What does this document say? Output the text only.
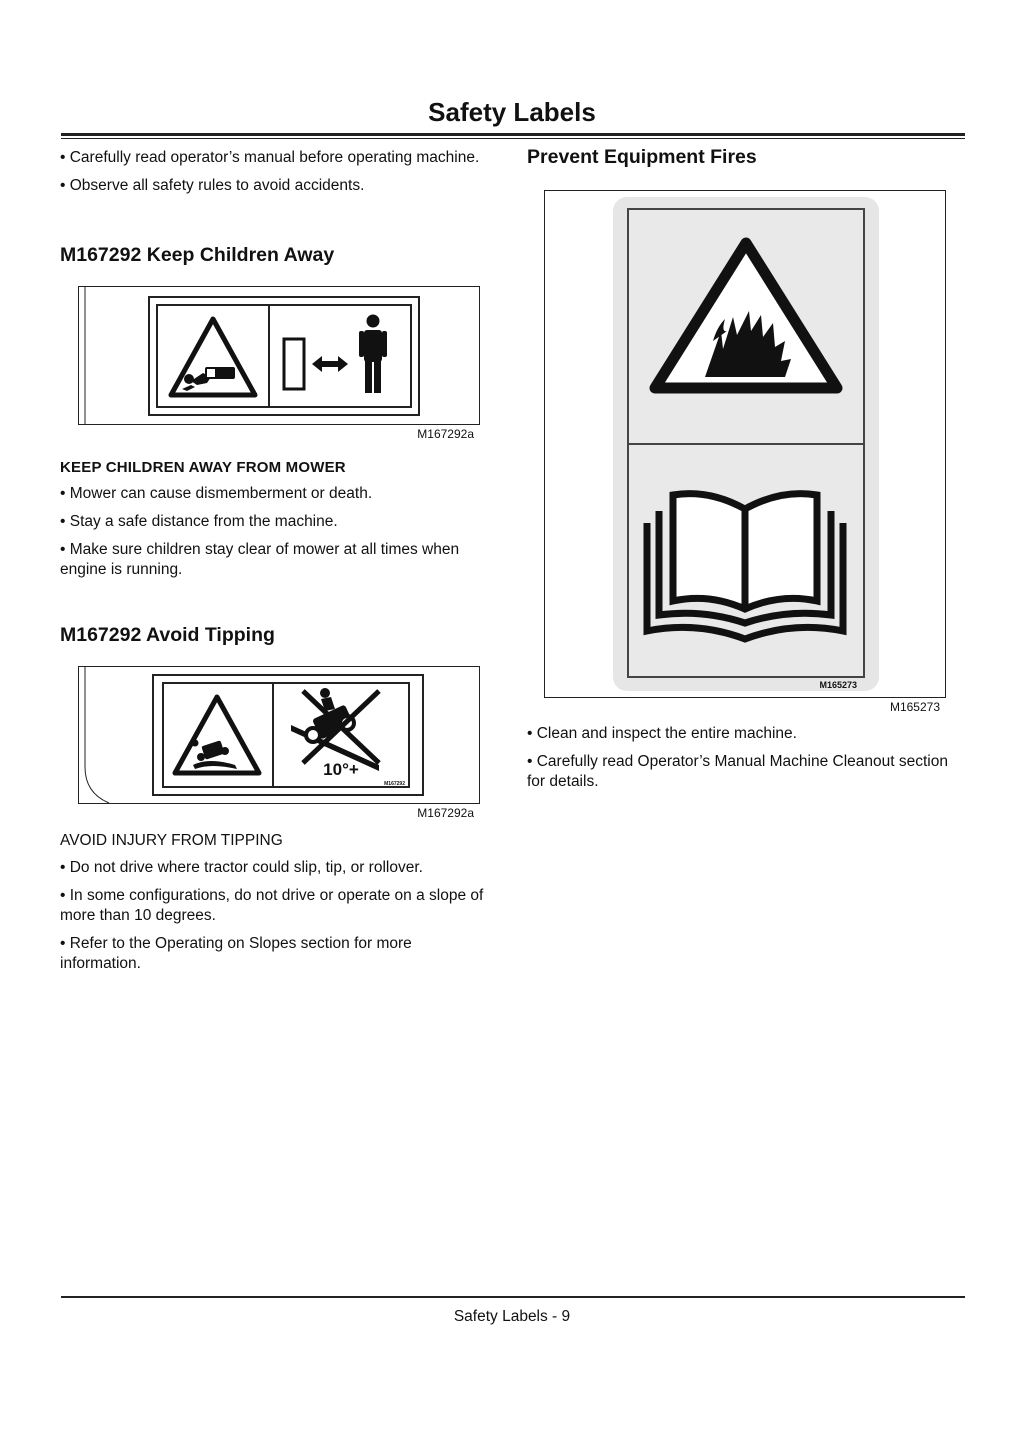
Safety Labels

• Carefully read operator’s manual before operating machine.

• Observe all safety rules to avoid accidents.

M167292 Keep Children Away
M167292a
KEEP CHILDREN AWAY FROM MOWER

• Mower can cause dismemberment or death.

• Stay a safe distance from the machine.

• Make sure children stay clear of mower at all times when engine is running.

M167292 Avoid Tipping
10°+
M167292
M167292a
AVOID INJURY FROM TIPPING

• Do not drive where tractor could slip, tip, or rollover.

• In some configurations, do not drive or operate on a slope of more than 10 degrees.

• Refer to the Operating on Slopes section for more information.

Prevent Equipment Fires
M165273
M165273

• Clean and inspect the entire machine.

• Carefully read Operator’s Manual Machine Cleanout section for details.

Safety Labels - 9
